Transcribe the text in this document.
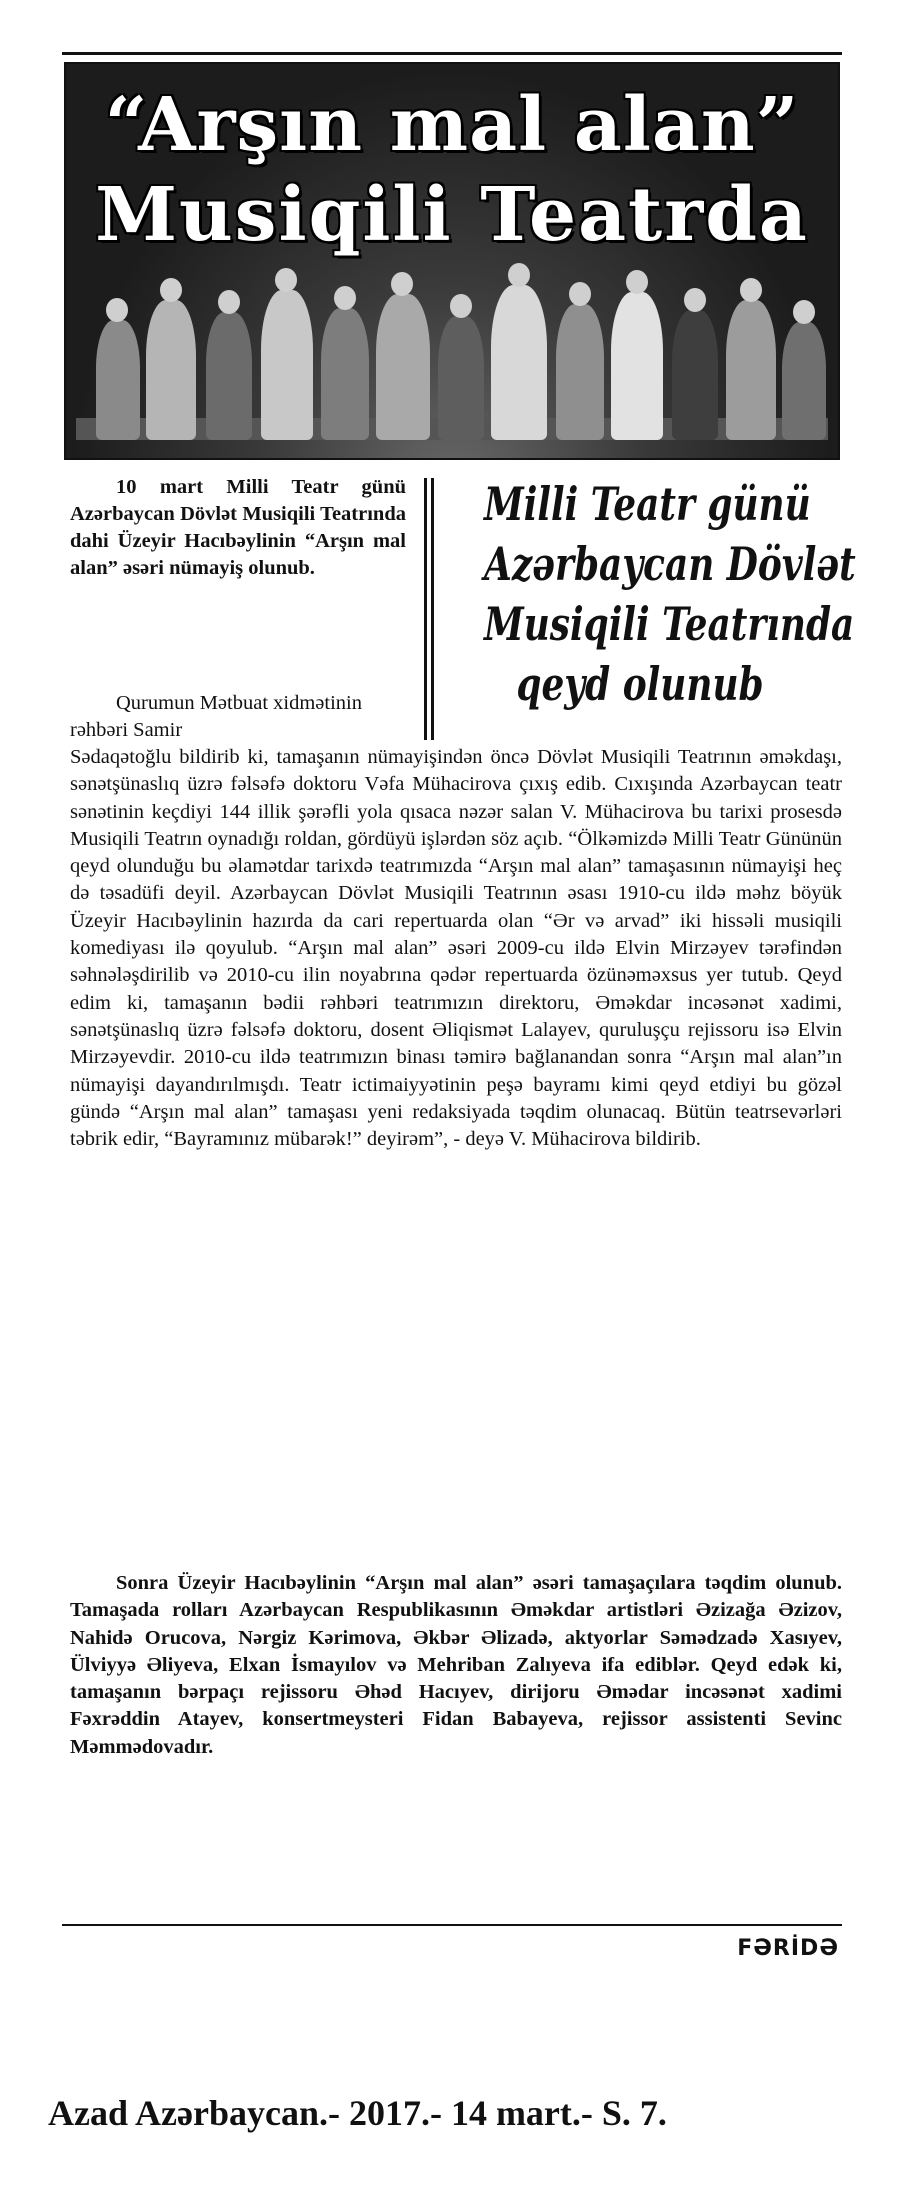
“Arşın mal alan”
Musiqili Teatrda

10 mart Milli Teatr günü Azərbaycan Dövlət Musiqili Teatrında dahi Üzeyir Hacıbəylinin “Arşın mal alan” əsəri nümayiş olunub.

Milli Teatr günü
Azərbaycan Dövlət
Musiqili Teatrında
qeyd olunub

Qurumun Mətbuat xidmətinin rəhbəri Samir

Sədaqətoğlu bildirib ki, tamaşanın nümayişindən öncə Dövlət Musiqili Teatrının əməkdaşı, sənətşünaslıq üzrə fəlsəfə doktoru Vəfa Mühacirova çıxış edib. Cıxışında Azərbaycan teatr sənətinin keçdiyi 144 illik şərəfli yola qısaca nəzər salan V. Mühacirova bu tarixi prosesdə Musiqili Teatrın oynadığı roldan, gördüyü işlərdən söz açıb. “Ölkəmizdə Milli Teatr Gününün qeyd olunduğu bu əlamətdar tarixdə teatrımızda “Arşın mal alan” tamaşasının nümayişi heç də təsadüfi deyil. Azərbaycan Dövlət Musiqili Teatrının əsası 1910-cu ildə məhz böyük Üzeyir Hacıbəylinin hazırda da cari repertuarda olan “Ər və arvad” iki hissəli musiqili komediyası ilə qoyulub. “Arşın mal alan” əsəri 2009-cu ildə Elvin Mirzəyev tərəfindən səhnələşdirilib və 2010-cu ilin noyabrına qədər repertuarda özünəməxsus yer tutub. Qeyd edim ki, tamaşanın bədii rəhbəri teatrımızın direktoru, Əməkdar incəsənət xadimi, sənətşünaslıq üzrə fəlsəfə doktoru, dosent Əliqismət Lalayev, quruluşçu rejissoru isə Elvin Mirzəyevdir. 2010-cu ildə teatrımızın binası təmirə bağlanandan sonra “Arşın mal alan”ın nümayişi dayandırılmışdı. Teatr ictimaiyyətinin peşə bayramı kimi qeyd etdiyi bu gözəl gündə “Arşın mal alan” tamaşası yeni redaksiyada təqdim olunacaq. Bütün teatrsevərləri təbrik edir, “Bayramınız mübarək!” deyirəm”, - deyə V. Mühacirova bildirib.

Sonra Üzeyir Hacıbəylinin “Arşın mal alan” əsəri tamaşaçılara təqdim olunub. Tamaşada rolları Azərbaycan Respublikasının Əməkdar artistləri Əzizağa Əzizov, Nahidə Orucova, Nərgiz Kərimova, Əkbər Əlizadə, aktyorlar Səmədzadə Xasıyev, Ülviyyə Əliyeva, Elxan İsmayılov və Mehriban Zalıyeva ifa ediblər. Qeyd edək ki, tamaşanın bərpaçı rejissoru Əhəd Hacıyev, dirijoru Əmədar incəsənət xadimi Fəxrəddin Atayev, konsertmeysteri Fidan Babayeva, rejissor assistenti Sevinc Məmmədovadır.

FƏRİDƏ
Azad Azərbaycan.- 2017.- 14 mart.- S. 7.
